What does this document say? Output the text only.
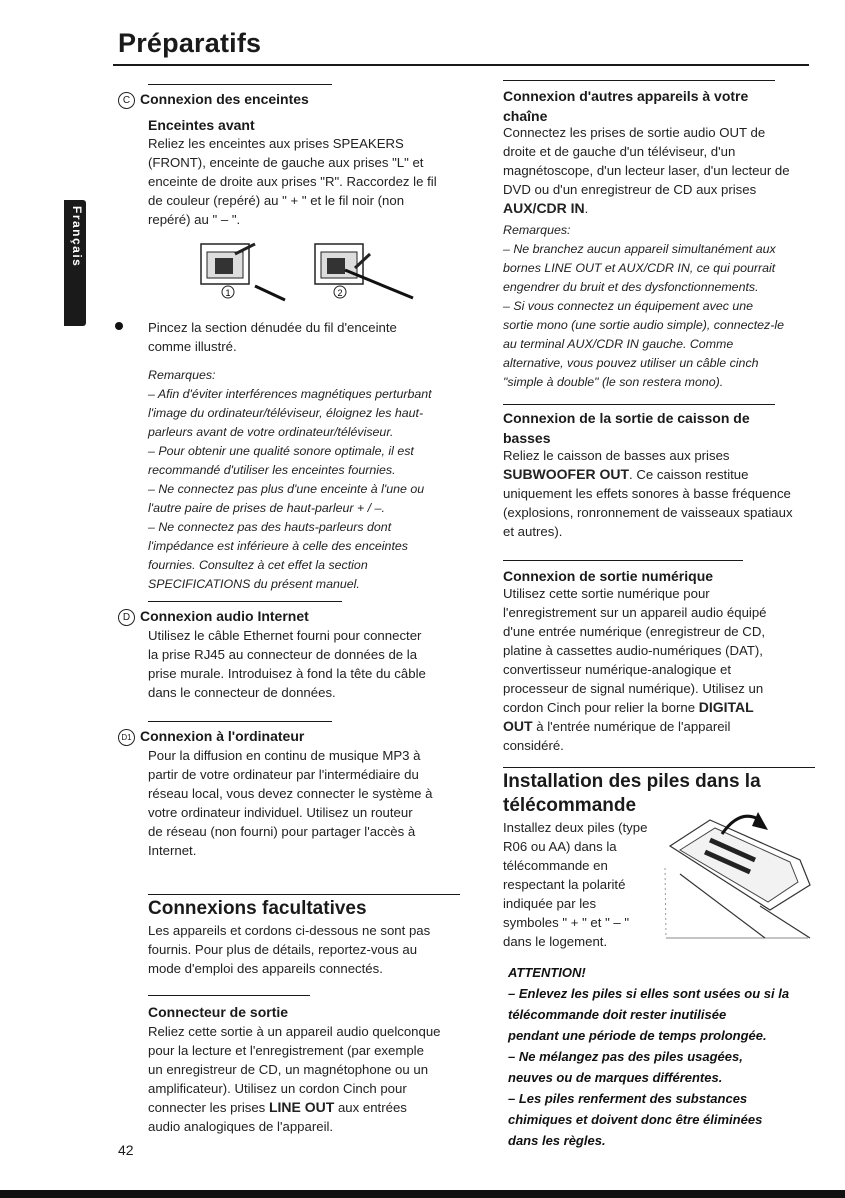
Préparatifs
Français
C Connexion des enceintes
Enceintes avant
Reliez les enceintes aux prises SPEAKERS
(FRONT), enceinte de gauche aux prises "L" et
enceinte de droite aux prises "R". Raccordez le fil
de couleur (repéré) au " + " et le fil noir (non
repéré) au " – ".
1	2
Pincez la section dénudée du fil d'enceinte
comme illustré.
Remarques:
– Afin d'éviter interférences magnétiques perturbant
l'image du ordinateur/téléviseur, éloignez les haut-
parleurs avant de votre ordinateur/téléviseur.
– Pour obtenir une qualité sonore optimale, il est
recommandé d'utiliser les enceintes fournies.
– Ne connectez pas plus d'une enceinte à l'une ou
l'autre paire de prises de haut-parleur + / –.
– Ne connectez pas des hauts-parleurs dont
l'impédance est inférieure à celle des enceintes
fournies. Consultez à cet effet la section
SPECIFICATIONS du présent manuel.
D Connexion audio Internet
Utilisez le câble Ethernet fourni pour connecter
la prise RJ45 au connecteur de données de la
prise murale. Introduisez à fond la tête du câble
dans le connecteur de données.
D1 Connexion à l'ordinateur
Pour la diffusion en continu de musique MP3 à
partir de votre ordinateur par l'intermédiaire du
réseau local, vous devez connecter le système à
votre ordinateur individuel. Utilisez un routeur
de réseau (non fourni) pour partager l'accès à
Internet.
Connexions facultatives
Les appareils et cordons ci-dessous ne sont pas
fournis. Pour plus de détails, reportez-vous au
mode d'emploi des appareils connectés.
Connecteur de sortie
Reliez cette sortie à un appareil audio quelconque
pour la lecture et l'enregistrement (par exemple
un enregistreur de CD, un magnétophone ou un
amplificateur). Utilisez un cordon Cinch pour
connecter les prises LINE OUT aux entrées
audio analogiques de l'appareil.
Connexion d'autres appareils à votre
chaîne
Connectez les prises de sortie audio OUT de
droite et de gauche d'un téléviseur, d'un
magnétoscope, d'un lecteur laser, d'un lecteur de
DVD ou d'un enregistreur de CD aux prises
AUX/CDR IN.
Remarques:
– Ne branchez aucun appareil simultanément aux
bornes LINE OUT et AUX/CDR IN, ce qui pourrait
engendrer du bruit et des dysfonctionnements.
– Si vous connectez un équipement avec une
sortie mono (une sortie audio simple), connectez-le
au terminal AUX/CDR IN gauche. Comme
alternative, vous pouvez utiliser un câble cinch
"simple à double" (le son restera mono).
Connexion de la sortie de caisson de
basses
Reliez le caisson de basses aux prises
SUBWOOFER OUT. Ce caisson restitue
uniquement les effets sonores à basse fréquence
(explosions, ronronnement de vaisseaux spatiaux
et autres).
Connexion de sortie numérique
Utilisez cette sortie numérique pour
l'enregistrement sur un appareil audio équipé
d'une entrée numérique (enregistreur de CD,
platine à cassettes audio-numériques (DAT),
convertisseur numérique-analogique et
processeur de signal numérique). Utilisez un
cordon Cinch pour relier la borne DIGITAL
OUT à l'entrée numérique de l'appareil
considéré.
Installation des piles dans la
télécommande
Installez deux piles (type
R06 ou AA) dans la
télécommande en
respectant la polarité
indiquée par les
symboles " + " et " – "
dans le logement.
ATTENTION!
– Enlevez les piles si elles sont usées ou si la
télécommande doit rester inutilisée
pendant une période de temps prolongée.
– Ne mélangez pas des piles usagées,
neuves ou de marques différentes.
– Les piles renferment des substances
chimiques et doivent donc être éliminées
dans les règles.
42
